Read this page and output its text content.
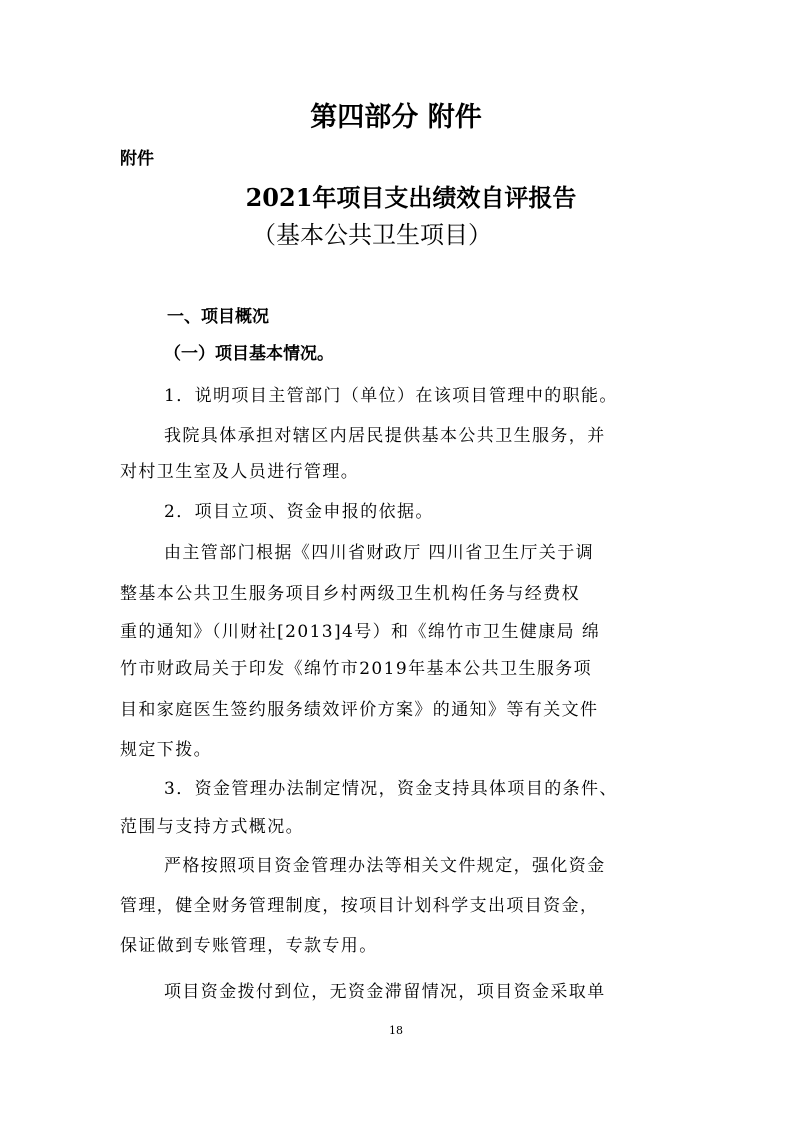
第四部分 附件
附件
2021年项目支出绩效自评报告
（基本公共卫生项目）
一、项目概况
（一）项目基本情况。

1．说明项目主管部门（单位）在该项目管理中的职能。

我院具体承担对辖区内居民提供基本公共卫生服务，并

对村卫生室及人员进行管理。

2．项目立项、资金申报的依据。

由主管部门根据《四川省财政厅 四川省卫生厅关于调

整基本公共卫生服务项目乡村两级卫生机构任务与经费权

重的通知》（川财社[2013]4号）和《绵竹市卫生健康局 绵

竹市财政局关于印发《绵竹市2019年基本公共卫生服务项

目和家庭医生签约服务绩效评价方案》的通知》等有关文件

规定下拨。

3．资金管理办法制定情况，资金支持具体项目的条件、

范围与支持方式概况。

严格按照项目资金管理办法等相关文件规定，强化资金

管理，健全财务管理制度，按项目计划科学支出项目资金，

保证做到专账管理，专款专用。

项目资金拨付到位，无资金滞留情况，项目资金采取单

18
